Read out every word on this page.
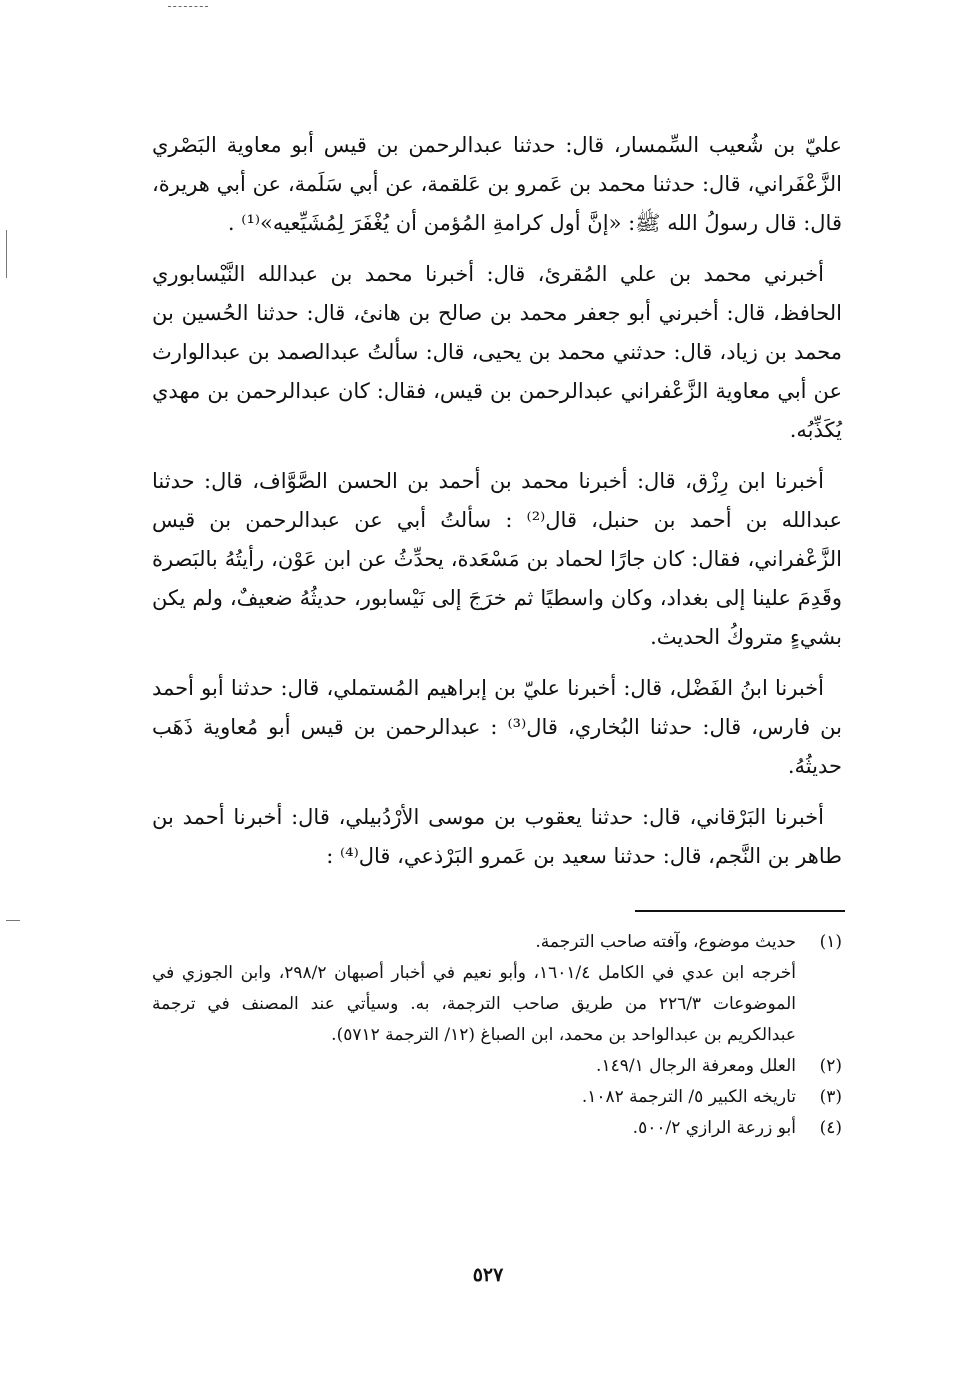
عليّ بن شُعيب السِّمسار، قال: حدثنا عبدالرحمن بن قيس أبو معاوية البَصْري الزَّعْفَراني، قال: حدثنا محمد بن عَمرو بن عَلقمة، عن أبي سَلَمة، عن أبي هريرة، قال: قال رسولُ الله ﷺ: «إنَّ أول كرامةِ المُؤمن أن يُغْفَرَ لِمُشَيِّعيه»⁽¹⁾ .

أخبرني محمد بن علي المُقرئ، قال: أخبرنا محمد بن عبدالله النَّيْسابوري الحافظ، قال: أخبرني أبو جعفر محمد بن صالح بن هانئ، قال: حدثنا الحُسين بن محمد بن زياد، قال: حدثني محمد بن يحيى، قال: سألتُ عبدالصمد بن عبدالوارث عن أبي معاوية الزَّعْفراني عبدالرحمن بن قيس، فقال: كان عبدالرحمن بن مهدي يُكَذِّبُه.

أخبرنا ابن رِزْق، قال: أخبرنا محمد بن أحمد بن الحسن الصَّوَّاف، قال: حدثنا عبدالله بن أحمد بن حنبل، قال⁽²⁾ : سألتُ أبي عن عبدالرحمن بن قيس الزَّعْفراني، فقال: كان جارًا لحماد بن مَسْعَدة، يحدِّثُ عن ابن عَوْن، رأيتُهُ بالبَصرة وقَدِمَ علينا إلى بغداد، وكان واسطيًا ثم خرَجَ إلى نَيْسابور، حديثُهُ ضعيفٌ، ولم يكن بشيءٍ متروكُ الحديث.

أخبرنا ابنُ الفَضْل، قال: أخبرنا عليّ بن إبراهيم المُستملي، قال: حدثنا أبو أحمد بن فارس، قال: حدثنا البُخاري، قال⁽³⁾ : عبدالرحمن بن قيس أبو مُعاوية ذَهَب حديثُهُ.

أخبرنا البَرْقاني، قال: حدثنا يعقوب بن موسى الأرْدُبيلي، قال: أخبرنا أحمد بن طاهر بن النَّجم، قال: حدثنا سعيد بن عَمرو البَرْذعي، قال⁽⁴⁾ :

(١)
حديث موضوع، وآفته صاحب الترجمة.
أخرجه ابن عدي في الكامل ١٦٠١/٤، وأبو نعيم في أخبار أصبهان ٢٩٨/٢، وابن الجوزي في الموضوعات ٢٢٦/٣ من طريق صاحب الترجمة، به. وسيأتي عند المصنف في ترجمة عبدالكريم بن عبدالواحد بن محمد، ابن الصباغ (١٢/ الترجمة ٥٧١٢).
(٢)
العلل ومعرفة الرجال ١٤٩/١.
(٣)
تاريخه الكبير ٥/ الترجمة ١٠٨٢.
(٤)
أبو زرعة الرازي ٥٠٠/٢.
٥٢٧
